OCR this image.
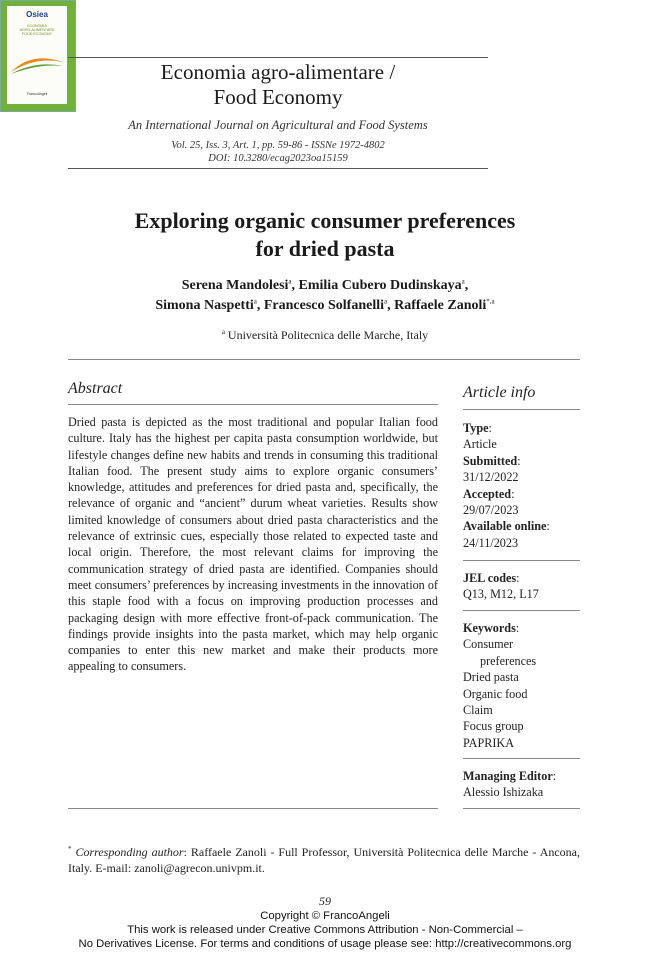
Economia agro-alimentare /
Food Economy
An International Journal on Agricultural and Food Systems
Vol. 25, Iss. 3, Art. 1, pp. 59-86 - ISSNe 1972-4802
DOI: 10.3280/ecag2023oa15159
Osiea
ECONOMIA
AGRO-ALIMENTARE
FOOD ECONOMY
FrancoAngeli
Exploring organic consumer preferences
for dried pasta
Serena Mandolesi$^a$, Emilia Cubero Dudinskaya$^a$,
Simona Naspetti$^a$, Francesco Solfanelli$^a$, Raffaele Zanoli$^{*,a}$
$^a$ Università Politecnica delle Marche, Italy
Abstract
Dried pasta is depicted as the most traditional and popular Italian food culture. Italy has the highest per capita pasta consumption worldwide, but lifestyle changes define new habits and trends in consuming this traditional Italian food. The present study aims to explore organic consumers’ knowledge, attitudes and preferences for dried pasta and, specifically, the relevance of organic and “ancient” durum wheat varieties. Results show limited knowledge of consumers about dried pasta characteristics and the relevance of extrinsic cues, especially those related to expected taste and local origin. Therefore, the most relevant claims for improving the communication strategy of dried pasta are identified. Companies should meet consumers’ preferences by increasing investments in the innovation of this staple food with a focus on improving production processes and packaging design with more effective front-of-pack communication. The findings provide insights into the pasta market, which may help organic companies to enter this new market and make their products more appealing to consumers.
Article info
Type:
Article
Submitted:
31/12/2022
Accepted:
29/07/2023
Available online:
24/11/2023
JEL codes:
Q13, M12, L17
Keywords:
Consumer
preferences
Dried pasta
Organic food
Claim
Focus group
PAPRIKA
Managing Editor:
Alessio Ishizaka
* Corresponding author: Raffaele Zanoli - Full Professor, Università Politecnica delle Marche - Ancona, Italy. E-mail: zanoli@agrecon.univpm.it.
59
Copyright © FrancoAngeli
This work is released under Creative Commons Attribution - Non-Commercial –
No Derivatives License. For terms and conditions of usage please see: http://creativecommons.org
